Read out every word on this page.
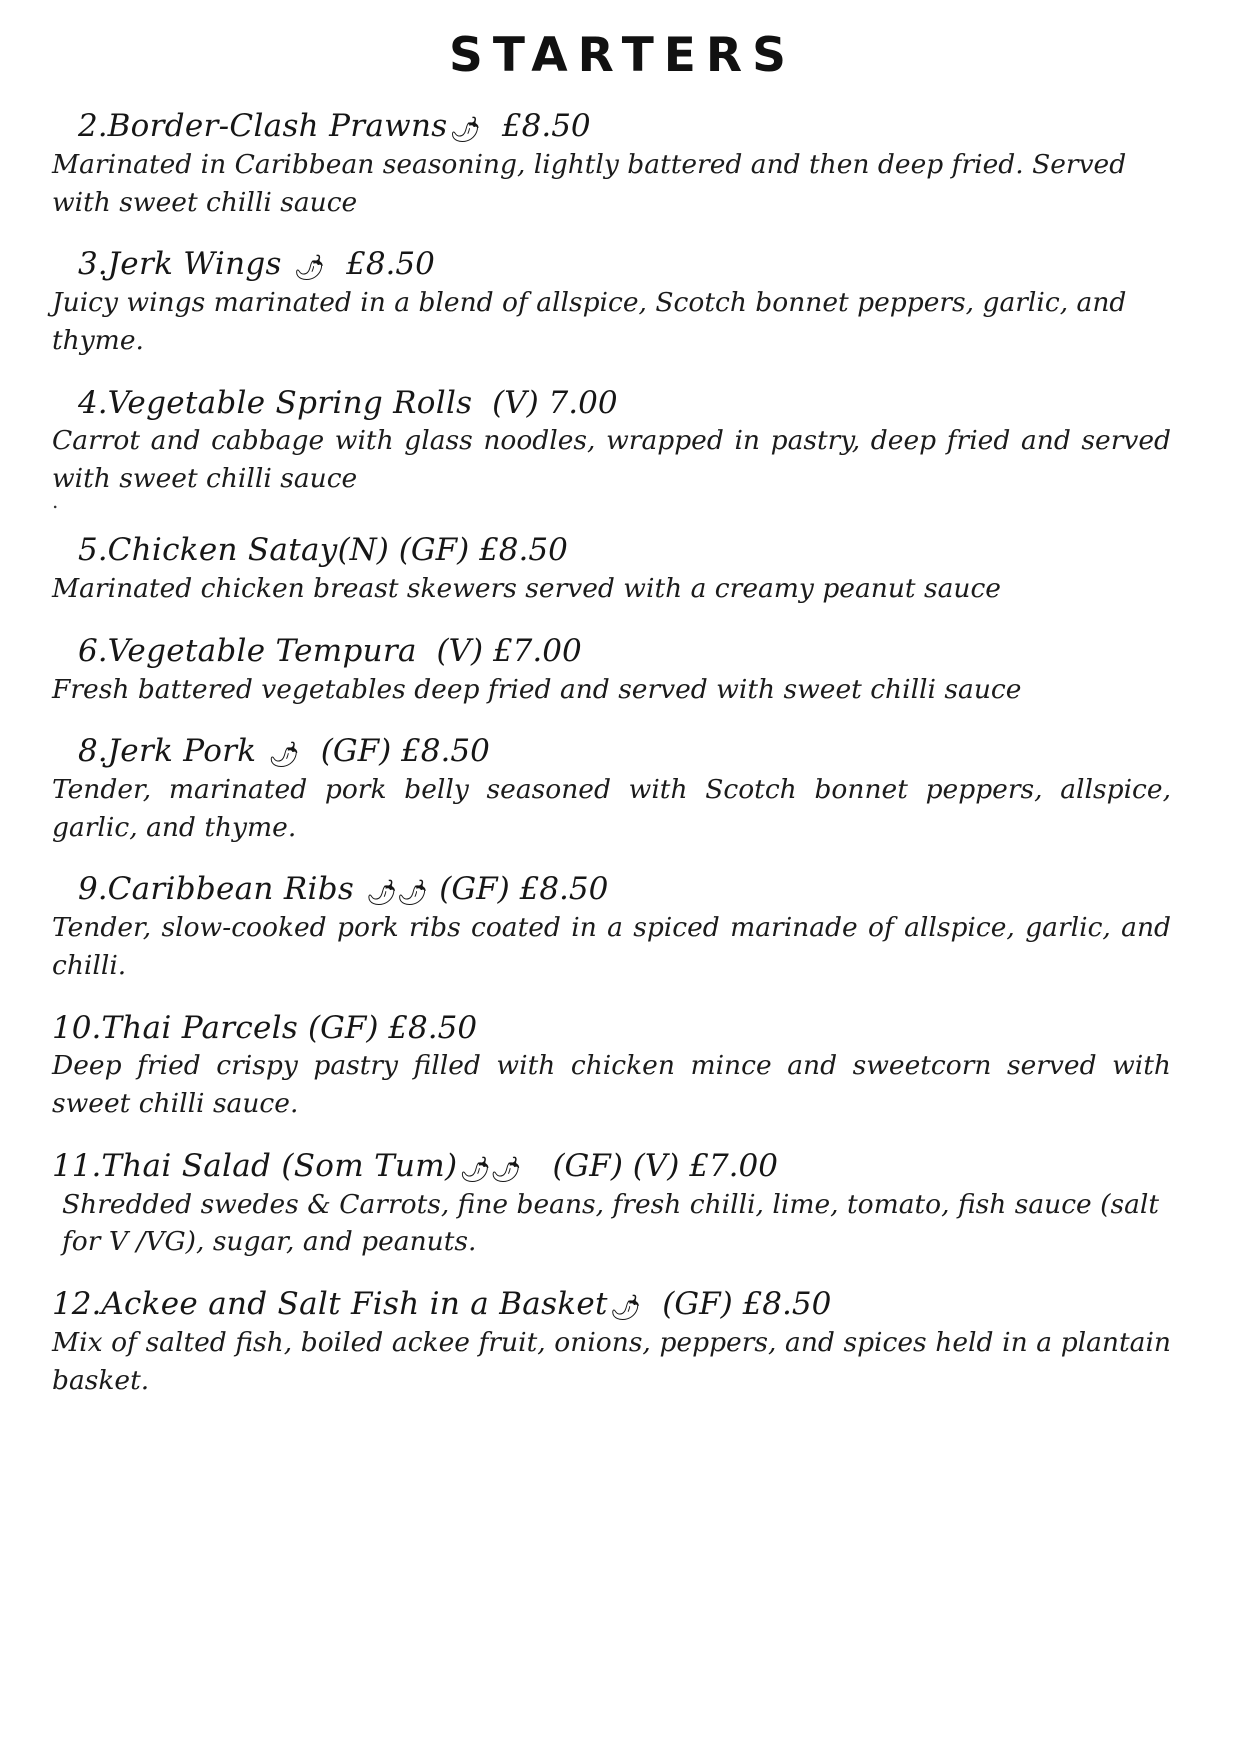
STARTERS
2.Border-Clash Prawns🌶 £8.50
Marinated in Caribbean seasoning, lightly battered and then deep fried. Served with sweet chilli sauce
3.Jerk Wings 🌶 £8.50
Juicy wings marinated in a blend of allspice, Scotch bonnet peppers, garlic, and thyme.
4.Vegetable Spring Rolls (V) 7.00
Carrot and cabbage with glass noodles, wrapped in pastry, deep fried and served with sweet chilli sauce
.
5.Chicken Satay(N) (GF) £8.50
Marinated chicken breast skewers served with a creamy peanut sauce
6.Vegetable Tempura (V) £7.00
Fresh battered vegetables deep fried and served with sweet chilli sauce
8.Jerk Pork 🌶 (GF) £8.50
Tender, marinated pork belly seasoned with Scotch bonnet peppers, allspice, garlic, and thyme.
9.Caribbean Ribs 🌶🌶 (GF) £8.50
Tender, slow-cooked pork ribs coated in a spiced marinade of allspice, garlic, and chilli.
10.Thai Parcels (GF) £8.50
Deep fried crispy pastry filled with chicken mince and sweetcorn served with sweet chilli sauce.
11.Thai Salad (Som Tum)🌶🌶 (GF) (V) £7.00
Shredded swedes & Carrots, fine beans, fresh chilli, lime, tomato, fish sauce (salt for V /VG), sugar, and peanuts.
12.Ackee and Salt Fish in a Basket🌶 (GF) £8.50
Mix of salted fish, boiled ackee fruit, onions, peppers, and spices held in a plantain basket.
